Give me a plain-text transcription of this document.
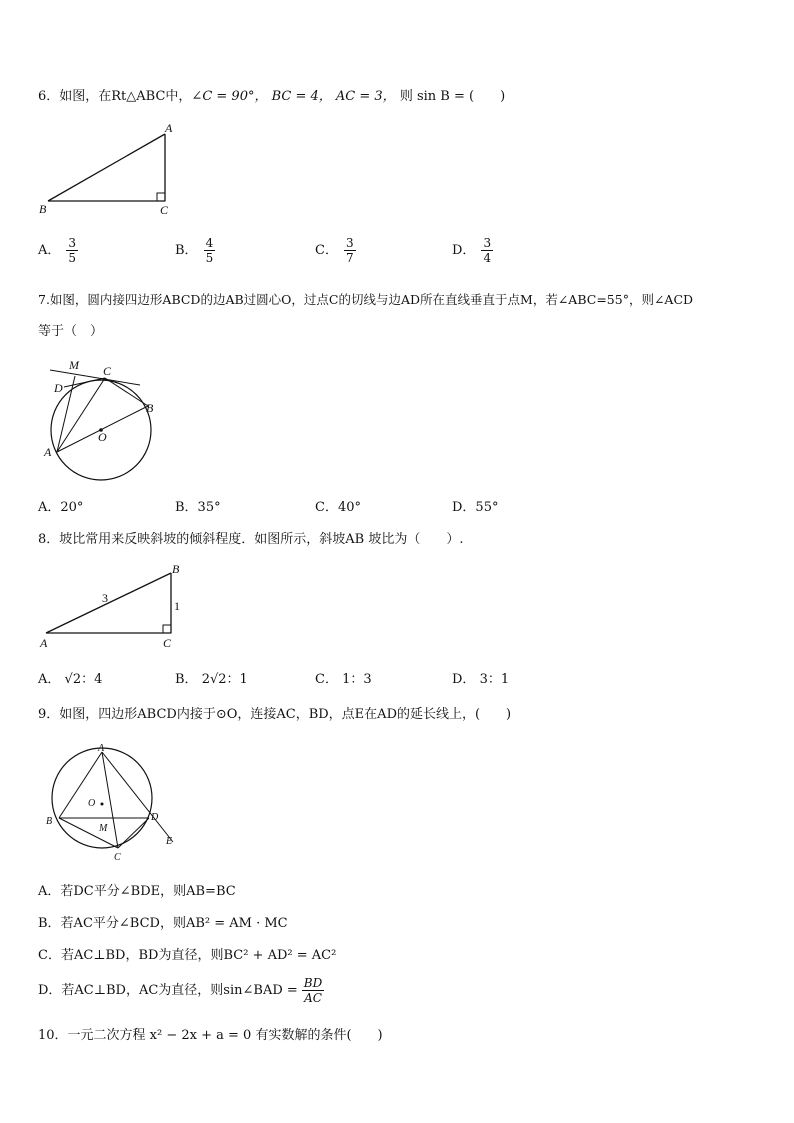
6．如图，在Rt△ABC中，∠C = 90°， BC = 4， AC = 3， 则 sin B = (　　)
A
B	C
A． $\frac{3}{5}$	B． $\frac{4}{5}$	C． $\frac{3}{7}$	D． $\frac{3}{4}$
7.如图，圆内接四边形ABCD的边AB过圆心O，过点C的切线与边AD所在直线垂直于点M，若∠ABC=55°，则∠ACD
等于（　）
M
D
C
B
O
A
A．20°	B．35°	C．40°	D．55°
8．坡比常用来反映斜坡的倾斜程度．如图所示，斜坡AB 坡比为（　　）.
B
A	C
3
1
A． √2：4	B． 2√2：1	C． 1：3	D． 3：1
9．如图，四边形ABCD内接于⊙O，连接AC，BD，点E在AD的延长线上，(　　)
A
O
B
M
D
E
C
A．若DC平分∠BDE，则AB=BC
B．若AC平分∠BCD，则AB² = AM · MC
C．若AC⊥BD，BD为直径，则BC² + AD² = AC²
D．若AC⊥BD，AC为直径，则sin∠BAD = $\frac{BD}{AC}$
10．一元二次方程 x² − 2x + a = 0 有实数解的条件(　　)
